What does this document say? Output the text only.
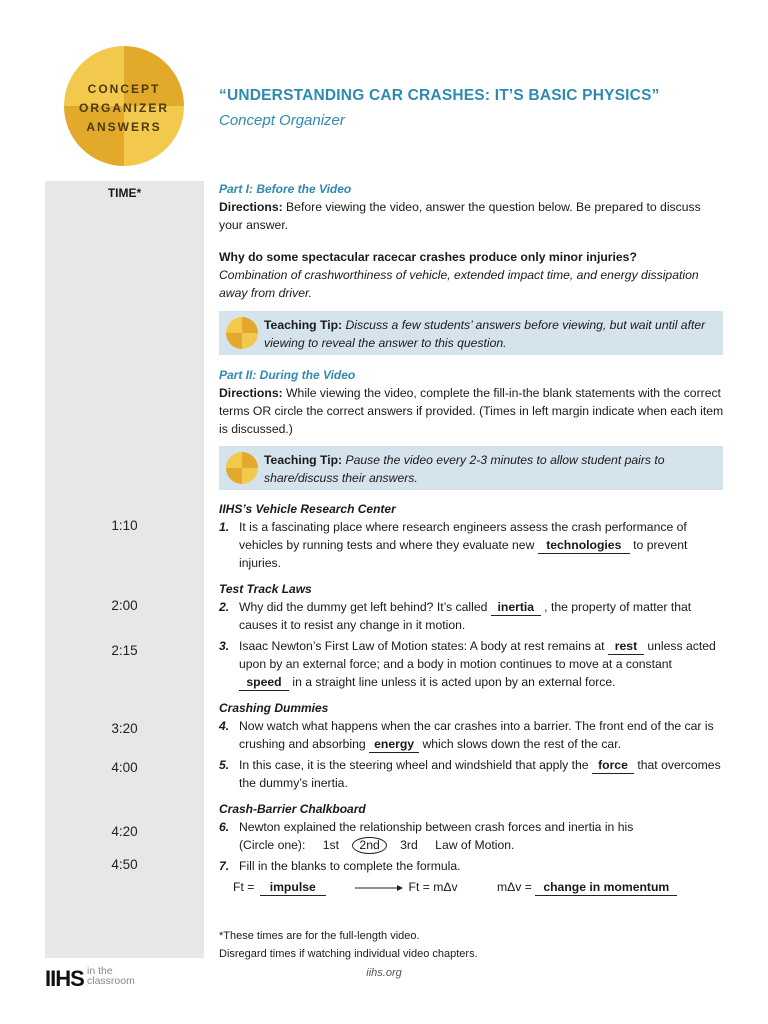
CONCEPT
ORGANIZER
ANSWERS
“UNDERSTANDING CAR CRASHES: IT’S BASIC PHYSICS”
Concept Organizer
TIME*
1:10
2:00
2:15
3:20
4:00
4:20
4:50

Part I: Before the Video

Directions: Before viewing the video, answer the question below. Be prepared to discuss your answer.

Why do some spectacular racecar crashes produce only minor injuries?

Combination of crashworthiness of vehicle, extended impact time, and energy dissipation away from driver.

Teaching Tip: Discuss a few students’ answers before viewing, but wait until after viewing to reveal the answer to this question.

Part II: During the Video

Directions: While viewing the video, complete the fill-in-the blank statements with the correct terms OR circle the correct answers if provided. (Times in left margin indicate when each item is discussed.)

Teaching Tip: Pause the video every 2-3 minutes to allow student pairs to share/discuss their answers.
IIHS’s Vehicle Research Center
1. It is a fascinating place where research engineers assess the crash performance of vehicles by running tests and where they evaluate new technologies to prevent injuries.
Test Track Laws
2. Why did the dummy get left behind? It’s called inertia , the property of matter that causes it to resist any change in it motion.
3. Isaac Newton’s First Law of Motion states: A body at rest remains at rest unless acted upon by an external force; and a body in motion continues to move at a constant speed in a straight line unless it is acted upon by an external force.
Crashing Dummies
4. Now watch what happens when the car crashes into a barrier. The front end of the car is crushing and absorbing energy which slows down the rest of the car.
5. In this case, it is the steering wheel and windshield that apply the force that overcomes the dummy’s inertia.
Crash-Barrier Chalkboard
6. Newton explained the relationship between crash forces and inertia in his
(Circle one): 1st 2nd 3rd Law of Motion.
7. Fill in the blanks to complete the formula.
Ft = impulse	Ft = mΔv	mΔv = change in momentum

*These times are for the full-length video.

Disregard times if watching individual video chapters.

IIHS in the
classroom
iihs.org
